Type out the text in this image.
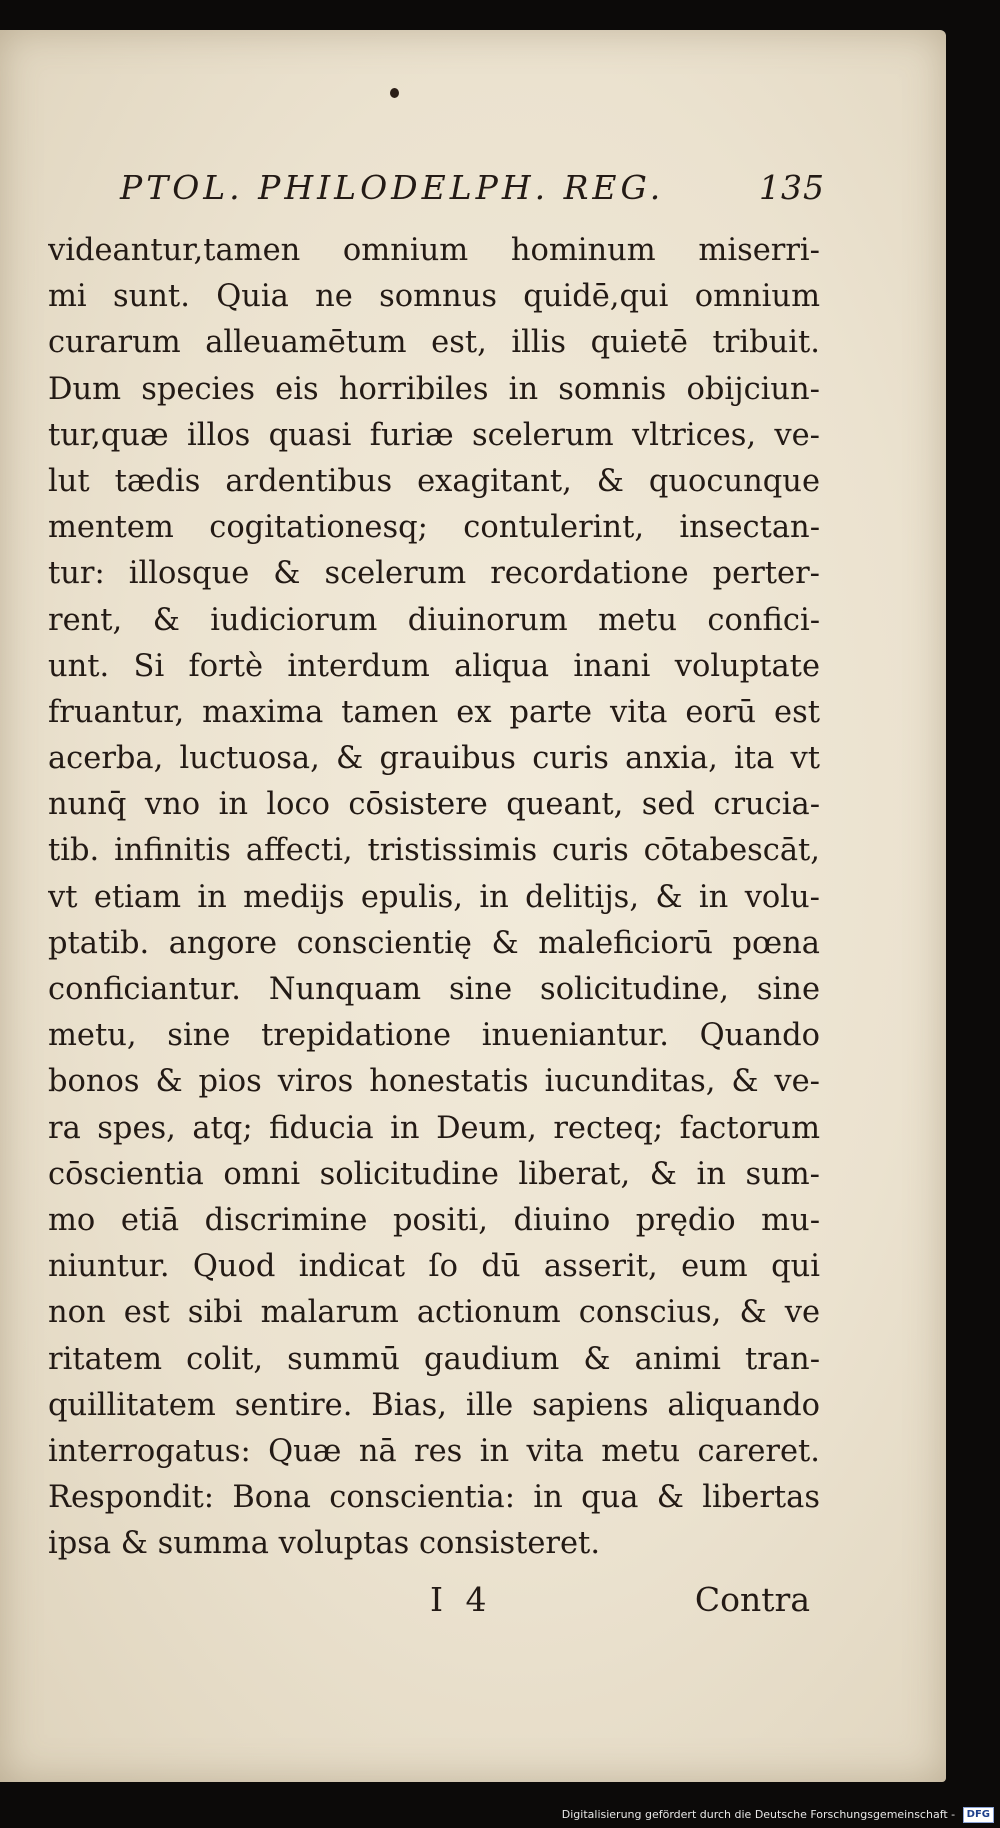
PTOL. PHILODELPH. REG.	135
videantur,tamen omnium hominum miserri-
mi sunt. Quia ne somnus quidē,qui omnium
curarum alleuamētum est, illis quietē tribuit.
Dum species eis horribiles in somnis obijciun-
tur,quæ illos quasi furiæ scelerum vltrices, ve-
lut tædis ardentibus exagitant, & quocunque
mentem cogitationesq; contulerint, insectan-
tur: illosque & scelerum recordatione perter-
rent, & iudiciorum diuinorum metu confici-
unt. Si fortè interdum aliqua inani voluptate
fruantur, maxima tamen ex parte vita eorū est
acerba, luctuosa, & grauibus curis anxia, ita vt
nunq̄ vno in loco cōsistere queant, sed crucia-
tib. infinitis affecti, tristissimis curis cōtabescāt,
vt etiam in medijs epulis, in delitijs, & in volu-
ptatib. angore conscientię & maleficiorū pœna
conficiantur. Nunquam sine solicitudine, sine
metu, sine trepidatione inueniantur. Quando
bonos & pios viros honestatis iucunditas, & ve-
ra spes, atq; fiducia in Deum, recteq; factorum
cōscientia omni solicitudine liberat, & in sum-
mo etiā discrimine positi, diuino prędio mu-
niuntur. Quod indicat ſo dū asserit, eum qui
non est sibi malarum actionum conscius, & ve
ritatem colit, summū gaudium & animi tran-
quillitatem sentire. Bias, ille sapiens aliquando
interrogatus: Quæ nā res in vita metu careret.
Respondit: Bona conscientia: in qua & libertas
ipsa & summa voluptas consisteret.
I 4	Contra
Digitalisierung gefördert durch die Deutsche Forschungsgemeinschaft - DFG
